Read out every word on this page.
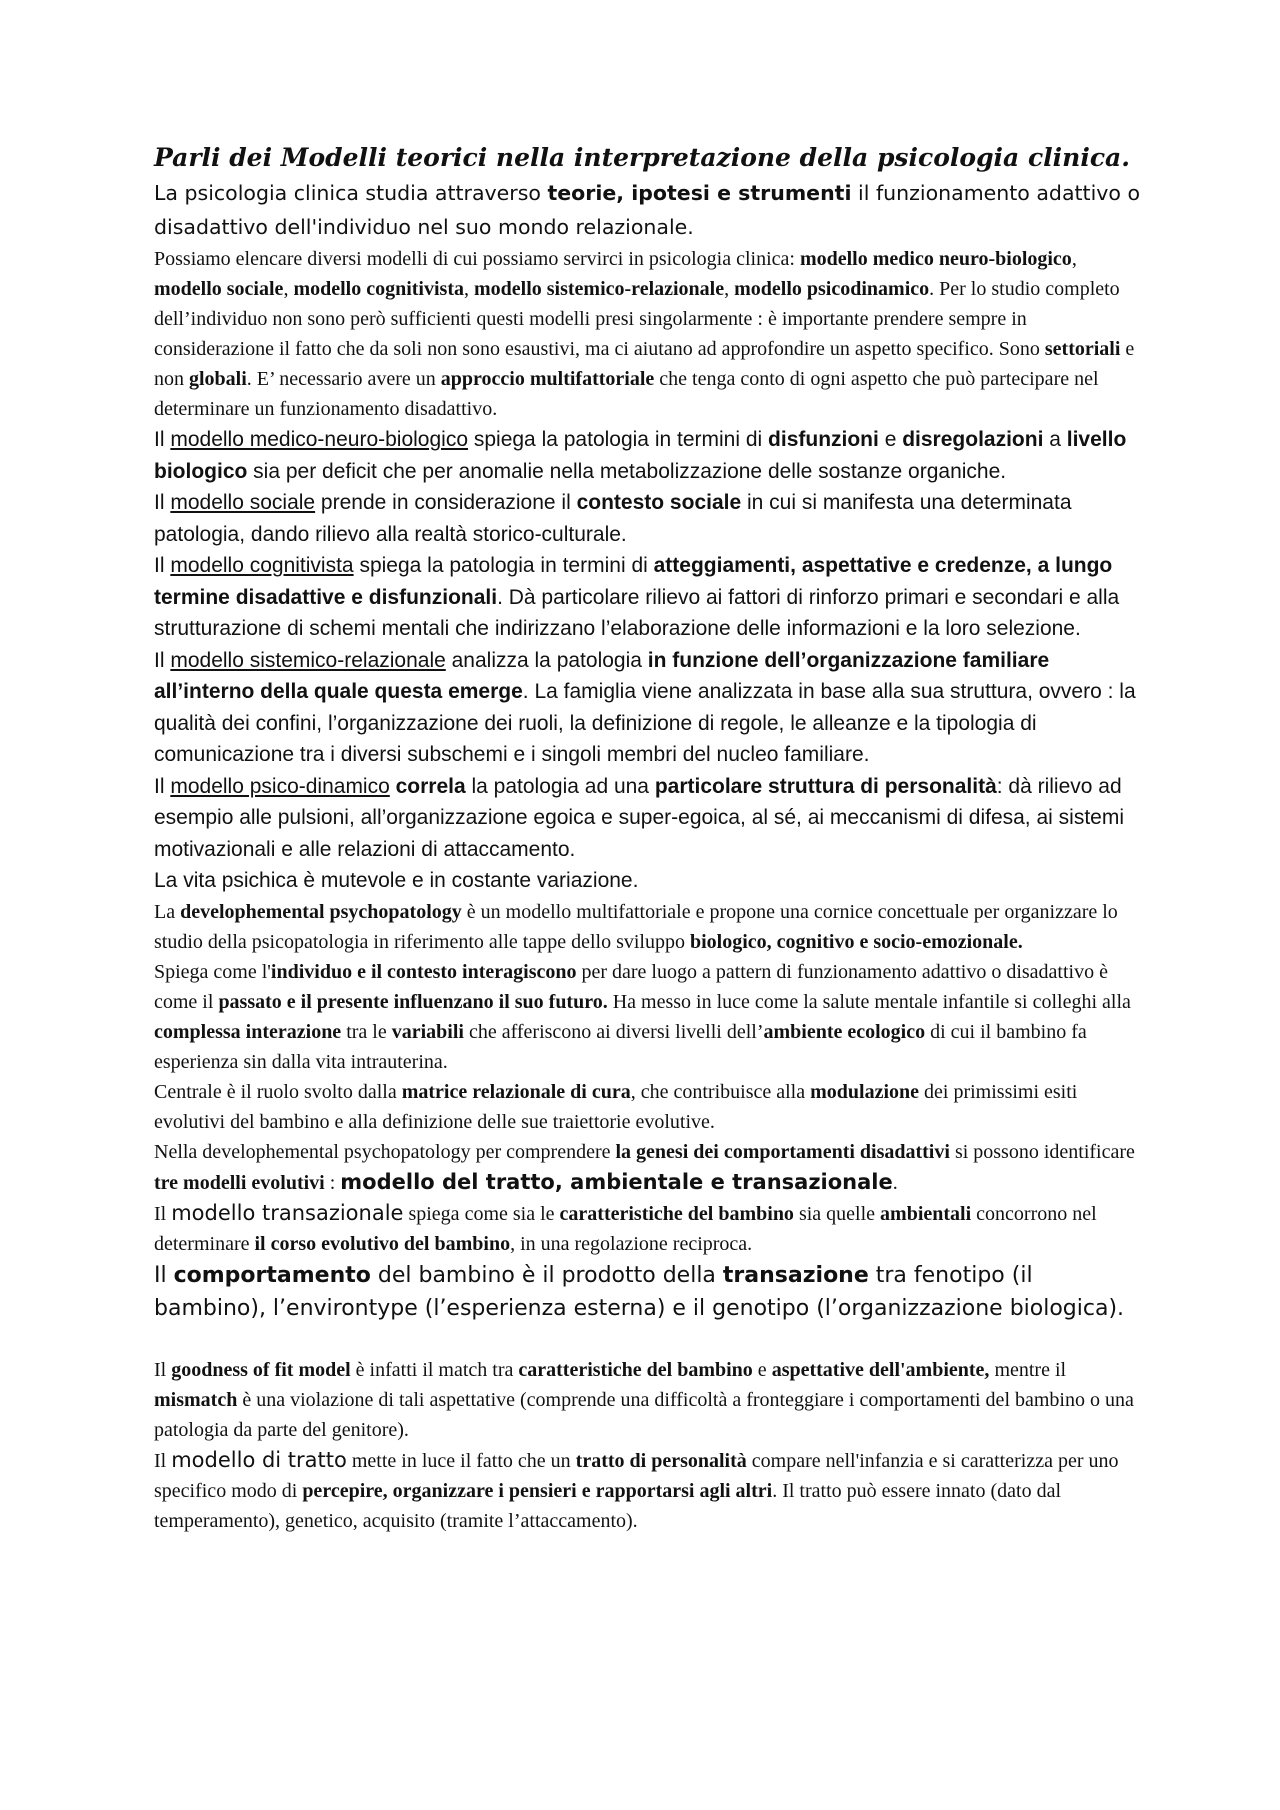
Parli dei Modelli teorici nella interpretazione della psicologia clinica.

La psicologia clinica studia attraverso teorie, ipotesi e strumenti il funzionamento adattivo o disadattivo dell'individuo nel suo mondo relazionale.

Possiamo elencare diversi modelli di cui possiamo servirci in psicologia clinica: modello medico neuro-biologico, modello sociale, modello cognitivista, modello sistemico-relazionale, modello psicodinamico. Per lo studio completo dell’individuo non sono però sufficienti questi modelli presi singolarmente : è importante prendere sempre in considerazione il fatto che da soli non sono esaustivi, ma ci aiutano ad approfondire un aspetto specifico. Sono settoriali e non globali. E’ necessario avere un approccio multifattoriale che tenga conto di ogni aspetto che può partecipare nel determinare un funzionamento disadattivo.

Il modello medico-neuro-biologico spiega la patologia in termini di disfunzioni e disregolazioni a livello biologico sia per deficit che per anomalie nella metabolizzazione delle sostanze organiche.

Il modello sociale prende in considerazione il contesto sociale in cui si manifesta una determinata patologia, dando rilievo alla realtà storico-culturale.

Il modello cognitivista spiega la patologia in termini di atteggiamenti, aspettative e credenze, a lungo termine disadattive e disfunzionali. Dà particolare rilievo ai fattori di rinforzo primari e secondari e alla strutturazione di schemi mentali che indirizzano l’elaborazione delle informazioni e la loro selezione.

Il modello sistemico-relazionale analizza la patologia in funzione dell’organizzazione familiare all’interno della quale questa emerge. La famiglia viene analizzata in base alla sua struttura, ovvero : la qualità dei confini, l’organizzazione dei ruoli, la definizione di regole, le alleanze e la tipologia di comunicazione tra i diversi subschemi e i singoli membri del nucleo familiare.

Il modello psico-dinamico correla la patologia ad una particolare struttura di personalità: dà rilievo ad esempio alle pulsioni, all’organizzazione egoica e super-egoica, al sé, ai meccanismi di difesa, ai sistemi motivazionali e alle relazioni di attaccamento.

La vita psichica è mutevole e in costante variazione.

La develophemental psychopatology è un modello multifattoriale e propone una cornice concettuale per organizzare lo studio della psicopatologia in riferimento alle tappe dello sviluppo biologico, cognitivo e socio-emozionale.

Spiega come l'individuo e il contesto interagiscono per dare luogo a pattern di funzionamento adattivo o disadattivo è come il passato e il presente influenzano il suo futuro. Ha messo in luce come la salute mentale infantile si colleghi alla complessa interazione tra le variabili che afferiscono ai diversi livelli dell’ambiente ecologico di cui il bambino fa esperienza sin dalla vita intrauterina.

Centrale è il ruolo svolto dalla matrice relazionale di cura, che contribuisce alla modulazione dei primissimi esiti evolutivi del bambino e alla definizione delle sue traiettorie evolutive.

Nella develophemental psychopatology per comprendere la genesi dei comportamenti disadattivi si possono identificare tre modelli evolutivi : modello del tratto, ambientale e transazionale.

Il modello transazionale spiega come sia le caratteristiche del bambino sia quelle ambientali concorrono nel determinare il corso evolutivo del bambino, in una regolazione reciproca.

Il comportamento del bambino è il prodotto della transazione tra fenotipo (il bambino), l’environtype (l’esperienza esterna) e il genotipo (l’organizzazione biologica).

Il goodness of fit model è infatti il match tra caratteristiche del bambino e aspettative dell'ambiente, mentre il mismatch è una violazione di tali aspettative (comprende una difficoltà a fronteggiare i comportamenti del bambino o una patologia da parte del genitore).

Il modello di tratto mette in luce il fatto che un tratto di personalità compare nell'infanzia e si caratterizza per uno specifico modo di percepire, organizzare i pensieri e rapportarsi agli altri. Il tratto può essere innato (dato dal temperamento), genetico, acquisito (tramite l’attaccamento).
